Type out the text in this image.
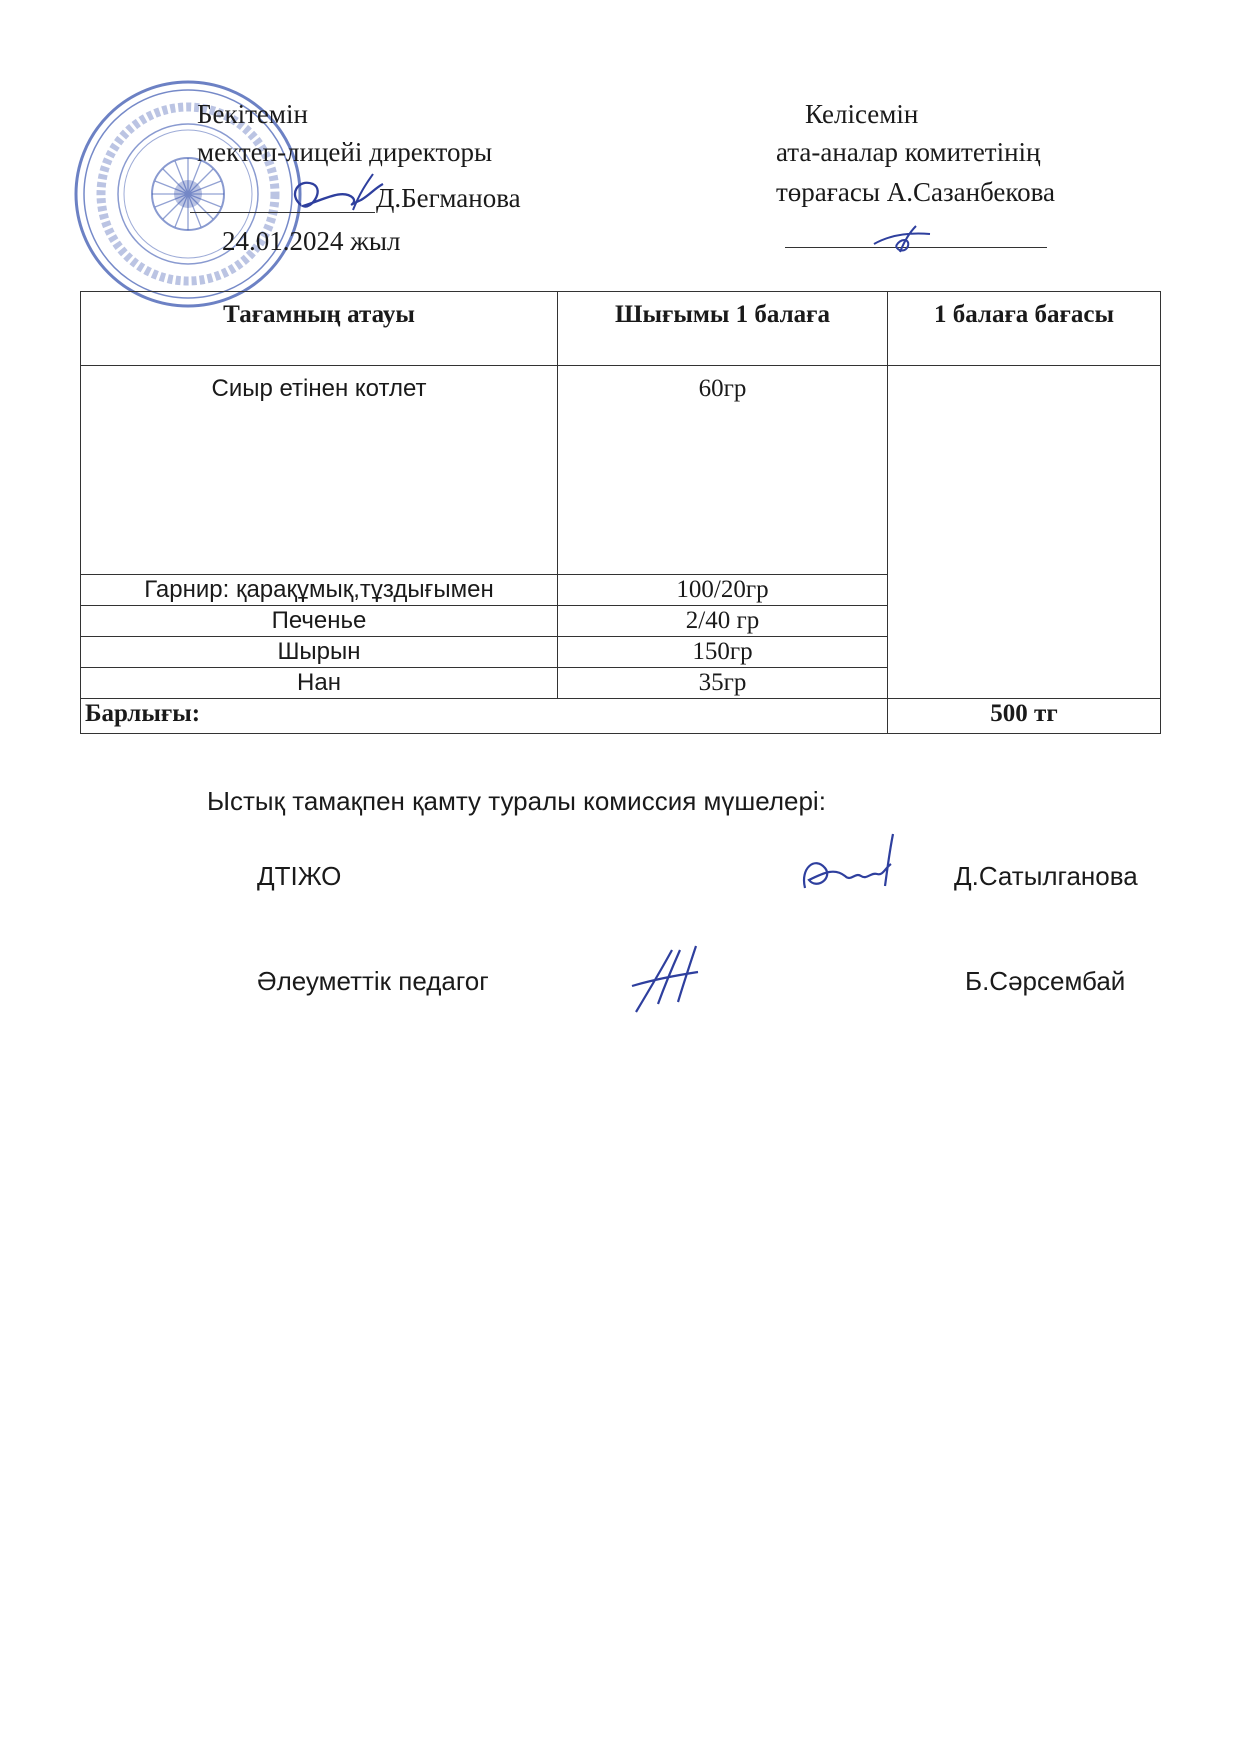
Бекітемін
мектеп-лицейі директоры
Д.Бегманова
24.01.2024 жыл
Келісемін
ата-аналар комитетінің
төрағасы А.Сазанбекова
Тағамның атауы	Шығымы 1 балаға	1 балаға бағасы
Сиыр етінен котлет	60гр	
Гарнир: қарақұмық,тұздығымен	100/20гр	
Печенье	2/40 гр	
Шырын	150гр	
Нан	35гр	
Барлығы:		500 тг
Ыстық тамақпен қамту туралы комиссия мүшелері:
ДТІЖО	Д.Сатылганова
Әлеуметтік педагог	Б.Сәрсембай
